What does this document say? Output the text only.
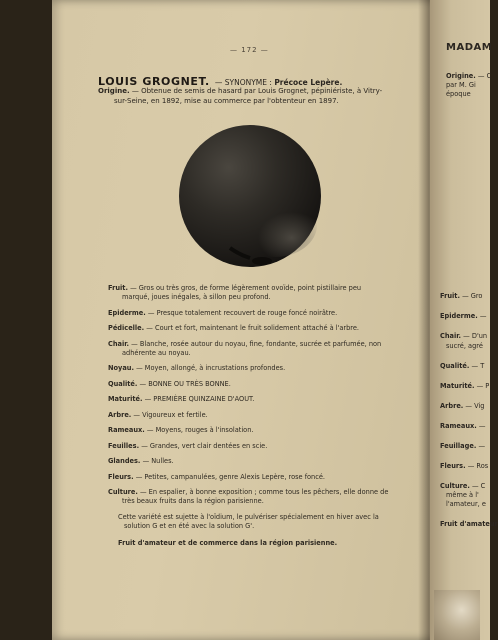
— 172 —
LOUIS GROGNET. — SYNONYME : Précoce Lepère.
Origine. — Obtenue de semis de hasard par Louis Grognet, pépiniériste, à Vitry-
sur-Seine, en 1892, mise au commerce par l'obtenteur en 1897.
Fruit. — Gros ou très gros, de forme légèrement ovoïde, point pistillaire peu
marqué, joues inégales, à sillon peu profond.
Epiderme. — Presque totalement recouvert de rouge foncé noirâtre.
Pédicelle. — Court et fort, maintenant le fruit solidement attaché à l'arbre.
Chair. — Blanche, rosée autour du noyau, fine, fondante, sucrée et parfumée, non
adhérente au noyau.
Noyau. — Moyen, allongé, à incrustations profondes.
Qualité. — BONNE OU TRÈS BONNE.
Maturité. — PREMIÈRE QUINZAINE D'AOUT.
Arbre. — Vigoureux et fertile.
Rameaux. — Moyens, rouges à l'insolation.
Feuilles. — Grandes, vert clair dentées en scie.
Glandes. — Nulles.
Fleurs. — Petites, campanulées, genre Alexis Lepère, rose foncé.
Culture. — En espalier, à bonne exposition ; comme tous les pêchers, elle donne de
très beaux fruits dans la région parisienne.
Cette variété est sujette à l'oïdium, le pulvériser spécialement en hiver avec la
solution G et en été avec la solution G'.
Fruit d'amateur et de commerce dans la région parisienne.
MADAM
Origine. — C
par M. Gi
époque
Fruit. — Gro
Epiderme. —
Chair. — D'un
sucré, agré
Qualité. — T
Maturité. — P
Arbre. — Vig
Rameaux. —
Feuillage. —
Fleurs. — Ros
Culture. — C
même à l'
l'amateur, e
Fruit d'amateur
